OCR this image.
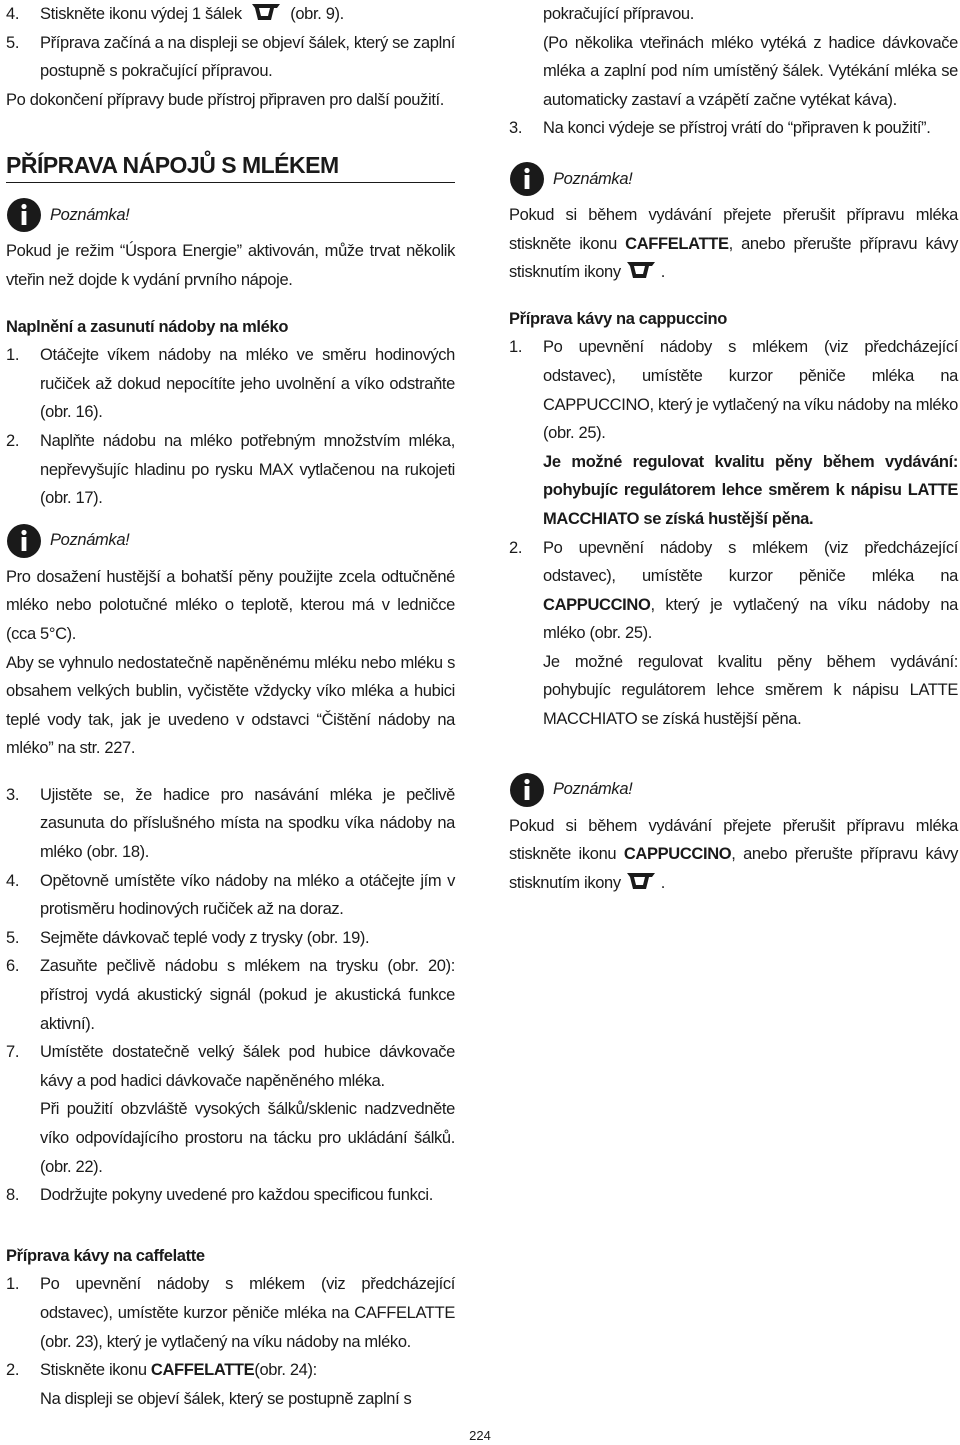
4.	Stiskněte ikonu výdej 1 šálek	(obr. 9).
5.	Příprava začíná a na displeji se objeví šálek, který se zaplní postupně s pokračující přípravou.

Po dokončení přípravy bude přístroj připraven pro další použití.

PŘÍPRAVA NÁPOJŮ S MLÉKEM
Poznámka!

Pokud je režim “Úspora Energie” aktivován, může trvat několik vteřin než dojde k vydání prvního nápoje.

Naplnění a zasunutí nádoby na mléko

1.	Otáčejte víkem nádoby na mléko ve směru hodinových ručiček až dokud nepocítíte jeho uvolnění a víko odstraňte (obr. 16).
2.	Naplňte nádobu na mléko potřebným množstvím mléka, nepřevyšujíc hladinu po rysku MAX vytlačenou na rukojeti (obr. 17).
Poznámka!

Pro dosažení hustější a bohatší pěny použijte zcela odtučněné mléko nebo polotučné mléko o teplotě, kterou má v ledničce (cca 5°C).

Aby se vyhnulo nedostatečně napěněnému mléku nebo mléku s obsahem velkých bublin, vyčistěte vždycky víko mléka a hubici teplé vody tak, jak je uvedeno v odstavci “Čištění nádoby na mléko” na str. 227.

3.	Ujistěte se, že hadice pro nasávání mléka je pečlivě zasunuta do příslušného místa na spodku víka nádoby na mléko (obr. 18).
4.	Opětovně umístěte víko nádoby na mléko a otáčejte jím v protisměru hodinových ručiček až na doraz.
5.	Sejměte dávkovač teplé vody z trysky (obr. 19).
6.	Zasuňte pečlivě nádobu s mlékem na trysku (obr. 20): přístroj vydá akustický signál (pokud je akustická funkce aktivní).
7.	Umístěte dostatečně velký šálek pod hubice dávkovače kávy a pod hadici dávkovače napěněného mléka.

Při použití obzvláště vysokých šálků/sklenic nadzvedněte víko odpovídajícího prostoru na tácku pro ukládání šálků. (obr. 22).

8.	Dodržujte pokyny uvedené pro každou specificou funkci.

Příprava kávy na caffelatte

1.	Po upevnění nádoby s mlékem (viz předcházející odstavec), umístěte kurzor pěniče mléka na CAFFELATTE (obr. 23), který je vytlačený na víku nádoby na mléko.
2.	Stiskněte ikonu CAFFELATTE(obr. 24):

Na displeji se objeví šálek, který se postupně zaplní s

pokračující přípravou.

(Po několika vteřinách mléko vytéká z hadice dávkovače mléka a zaplní pod ním umístěný šálek. Vytékání mléka se automaticky zastaví a vzápětí začne vytékat káva).

3.	Na konci výdeje se přístroj vrátí do “připraven k použití”.
Poznámka!

Pokud si během vydávání přejete přerušit přípravu mléka stiskněte ikonu CAFFELATTE, anebo přerušte přípravu kávy stisknutím ikony .

Příprava kávy na cappuccino

1.	Po upevnění nádoby s mlékem (viz předcházející odstavec), umístěte kurzor pěniče mléka na CAPPUCCINO, který je vytlačený na víku nádoby na mléko (obr. 25).

Je možné regulovat kvalitu pěny během vydávání: pohybujíc regulátorem lehce směrem k nápisu LATTE MACCHIATO se získá hustější pěna.

2.	Po upevnění nádoby s mlékem (viz předcházející odstavec), umístěte kurzor pěniče mléka na CAPPUCCINO, který je vytlačený na víku nádoby na mléko (obr. 25).

Je možné regulovat kvalitu pěny během vydávání: pohybujíc regulátorem lehce směrem k nápisu LATTE MACCHIATO se získá hustější pěna.

Poznámka!

Pokud si během vydávání přejete přerušit přípravu mléka stiskněte ikonu CAPPUCCINO, anebo přerušte přípravu kávy stisknutím ikony .

224
